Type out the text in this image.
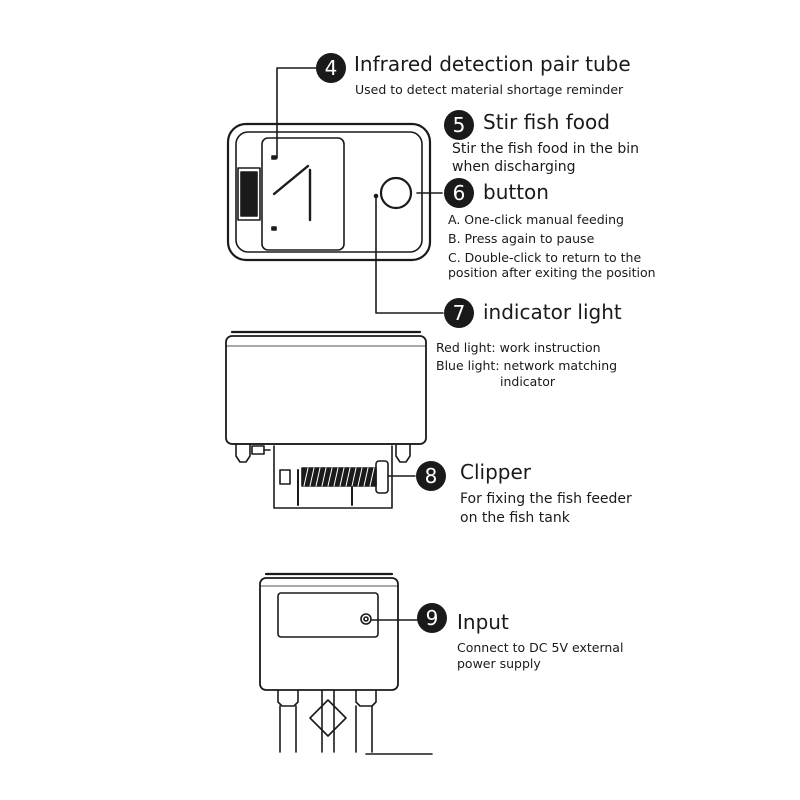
4 Infrared detection pair tube
Used to detect material shortage reminder
5 Stir fish food
Stir the fish food in the bin
when discharging
6 button
A. One-click manual feeding
B. Press again to pause
C. Double-click to return to the
position after exiting the position
7 indicator light
Red light: work instruction
Blue light: network matching
indicator
8	Clipper
For fixing the fish feeder
on the fish tank
9 Input
Connect to DC 5V external
power supply
